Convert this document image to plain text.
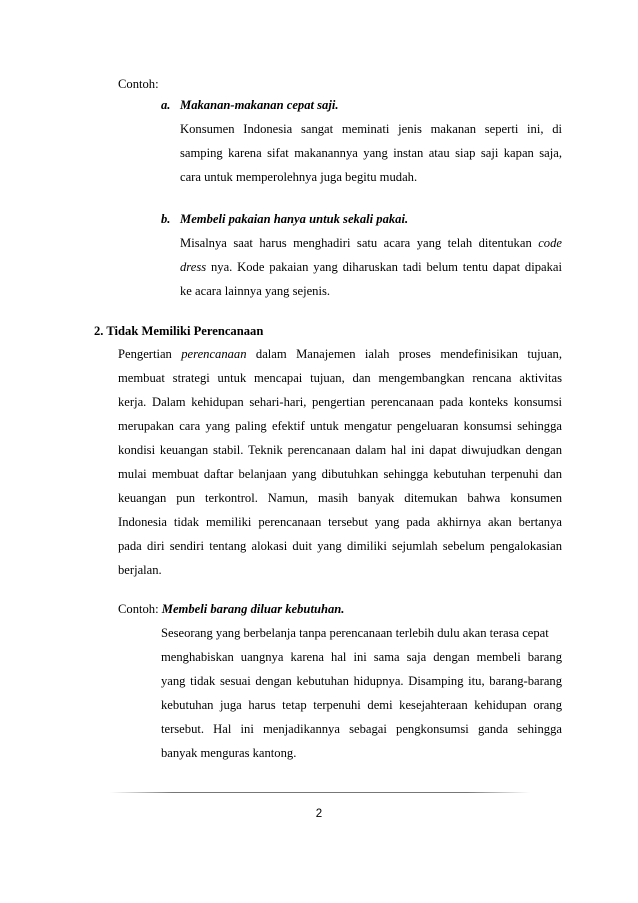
Contoh:
a. Makanan-makanan cepat saji.
Konsumen Indonesia sangat meminati jenis makanan seperti ini, di
samping karena sifat makanannya yang instan atau siap saji kapan saja,
cara untuk memperolehnya juga begitu mudah.
b. Membeli pakaian hanya untuk sekali pakai.
Misalnya saat harus menghadiri satu acara yang telah ditentukan code
dress nya. Kode pakaian yang diharuskan tadi belum tentu dapat dipakai
ke acara lainnya yang sejenis.
2. Tidak Memiliki Perencanaan
Pengertian perencanaan dalam Manajemen ialah proses mendefinisikan tujuan,
membuat strategi untuk mencapai tujuan, dan mengembangkan rencana aktivitas
kerja. Dalam kehidupan sehari-hari, pengertian perencanaan pada konteks konsumsi
merupakan cara yang paling efektif untuk mengatur pengeluaran konsumsi sehingga
kondisi keuangan stabil. Teknik perencanaan dalam hal ini dapat diwujudkan dengan
mulai membuat daftar belanjaan yang dibutuhkan sehingga kebutuhan terpenuhi dan
keuangan pun terkontrol. Namun, masih banyak ditemukan bahwa konsumen
Indonesia tidak memiliki perencanaan tersebut yang pada akhirnya akan bertanya
pada diri sendiri tentang alokasi duit yang dimiliki sejumlah sebelum pengalokasian
berjalan.
Contoh: Membeli barang diluar kebutuhan.
Seseorang yang berbelanja tanpa perencanaan terlebih dulu akan terasa cepat
menghabiskan uangnya karena hal ini sama saja dengan membeli barang
yang tidak sesuai dengan kebutuhan hidupnya. Disamping itu, barang-barang
kebutuhan juga harus tetap terpenuhi demi kesejahteraan kehidupan orang
tersebut. Hal ini menjadikannya sebagai pengkonsumsi ganda sehingga
banyak menguras kantong.
2
